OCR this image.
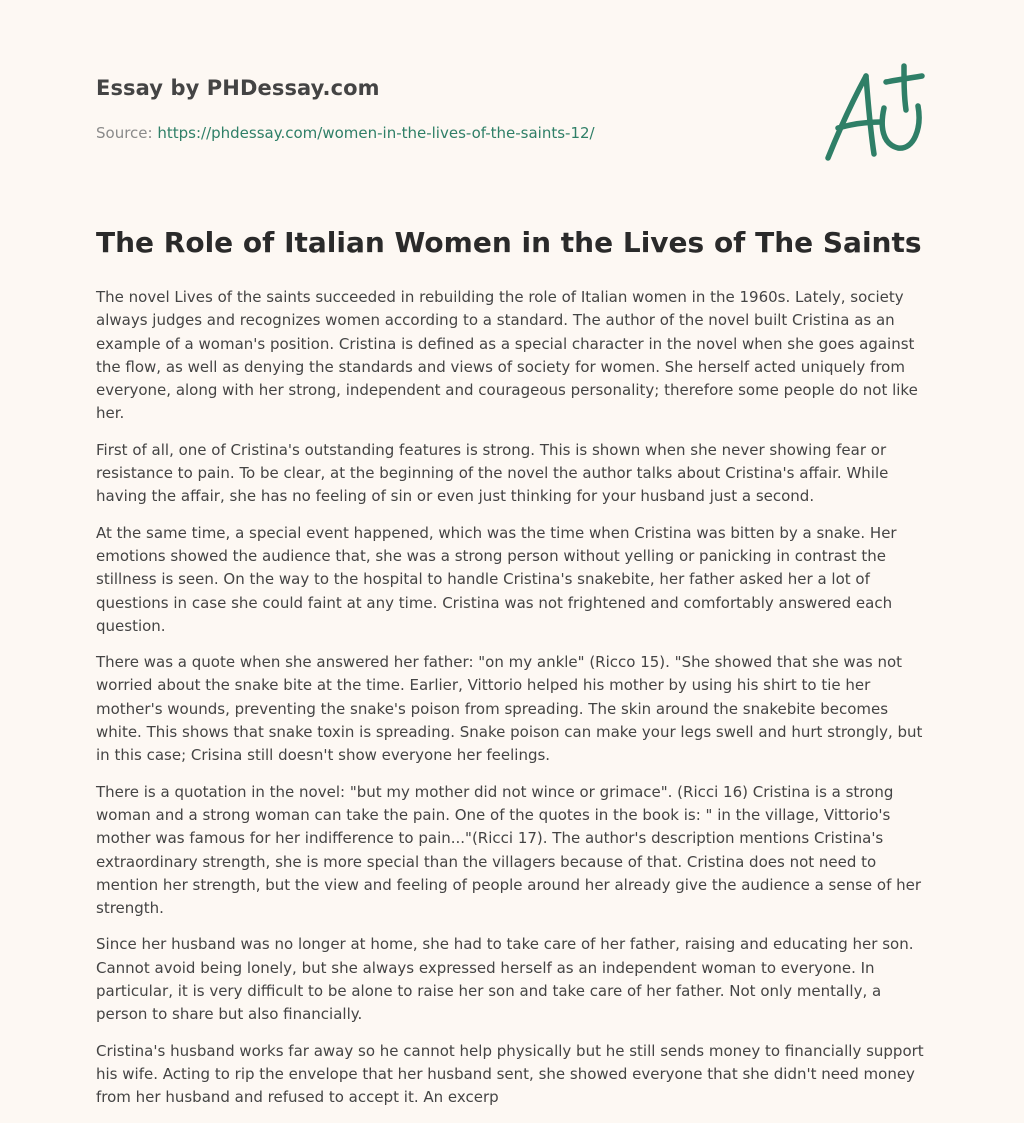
Essay by PHDessay.com
Source: https://phdessay.com/women-in-the-lives-of-the-saints-12/
The Role of Italian Women in the Lives of The Saints

The novel Lives of the saints succeeded in rebuilding the role of Italian women in the 1960s. Lately, society always judges and recognizes women according to a standard. The author of the novel built Cristina as an example of a woman's position. Cristina is defined as a special character in the novel when she goes against the flow, as well as denying the standards and views of society for women. She herself acted uniquely from everyone, along with her strong, independent and courageous personality; therefore some people do not like her.

First of all, one of Cristina's outstanding features is strong. This is shown when she never showing fear or resistance to pain. To be clear, at the beginning of the novel the author talks about Cristina's affair. While having the affair, she has no feeling of sin or even just thinking for your husband just a second.

At the same time, a special event happened, which was the time when Cristina was bitten by a snake. Her emotions showed the audience that, she was a strong person without yelling or panicking in contrast the stillness is seen. On the way to the hospital to handle Cristina's snakebite, her father asked her a lot of questions in case she could faint at any time. Cristina was not frightened and comfortably answered each question.

There was a quote when she answered her father: "on my ankle" (Ricco 15). "She showed that she was not worried about the snake bite at the time. Earlier, Vittorio helped his mother by using his shirt to tie her mother's wounds, preventing the snake's poison from spreading. The skin around the snakebite becomes white. This shows that snake toxin is spreading. Snake poison can make your legs swell and hurt strongly, but in this case; Crisina still doesn't show everyone her feelings.

There is a quotation in the novel: "but my mother did not wince or grimace". (Ricci 16) Cristina is a strong woman and a strong woman can take the pain. One of the quotes in the book is: " in the village, Vittorio's mother was famous for her indifference to pain..."(Ricci 17). The author's description mentions Cristina's extraordinary strength, she is more special than the villagers because of that. Cristina does not need to mention her strength, but the view and feeling of people around her already give the audience a sense of her strength.

Since her husband was no longer at home, she had to take care of her father, raising and educating her son. Cannot avoid being lonely, but she always expressed herself as an independent woman to everyone. In particular, it is very difficult to be alone to raise her son and take care of her father. Not only mentally, a person to share but also financially.

Cristina's husband works far away so he cannot help physically but he still sends money to financially support his wife. Acting to rip the envelope that her husband sent, she showed everyone that she didn't need money from her husband and refused to accept it. An excerp
